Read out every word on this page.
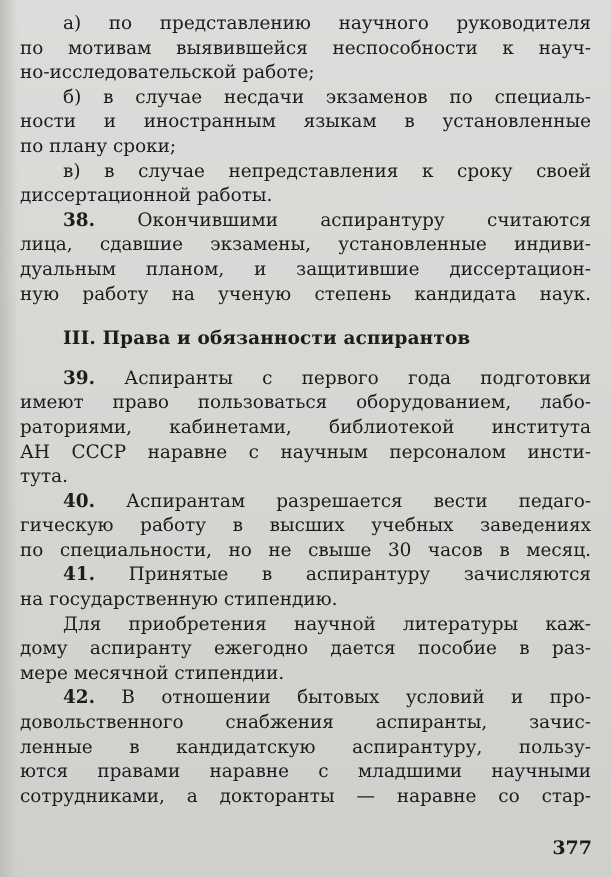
а) по представлению научного руководителя
по мотивам выявившейся неспособности к науч-
но-исследовательской работе;
б) в случае несдачи экзаменов по специаль-
ности и иностранным языкам в установленные
по плану сроки;
в) в случае непредставления к сроку своей
диссертационной работы.
38. Окончившими аспирантуру считаются
лица, сдавшие экзамены, установленные индиви-
дуальным планом, и защитившие диссертацион-
ную работу на ученую степень кандидата наук.
III. Права и обязанности аспирантов
39. Аспиранты с первого года подготовки
имеют право пользоваться оборудованием, лабо-
раториями, кабинетами, библиотекой института
АН СССР наравне с научным персоналом инсти-
тута.
40. Аспирантам разрешается вести педаго-
гическую работу в высших учебных заведениях
по специальности, но не свыше 30 часов в месяц.
41. Принятые в аспирантуру зачисляются
на государственную стипендию.
Для приобретения научной литературы каж-
дому аспиранту ежегодно дается пособие в раз-
мере месячной стипендии.
42. В отношении бытовых условий и про-
довольственного снабжения аспиранты, зачис-
ленные в кандидатскую аспирантуру, пользу-
ются правами наравне с младшими научными
сотрудниками, а докторанты — наравне со стар-
377
